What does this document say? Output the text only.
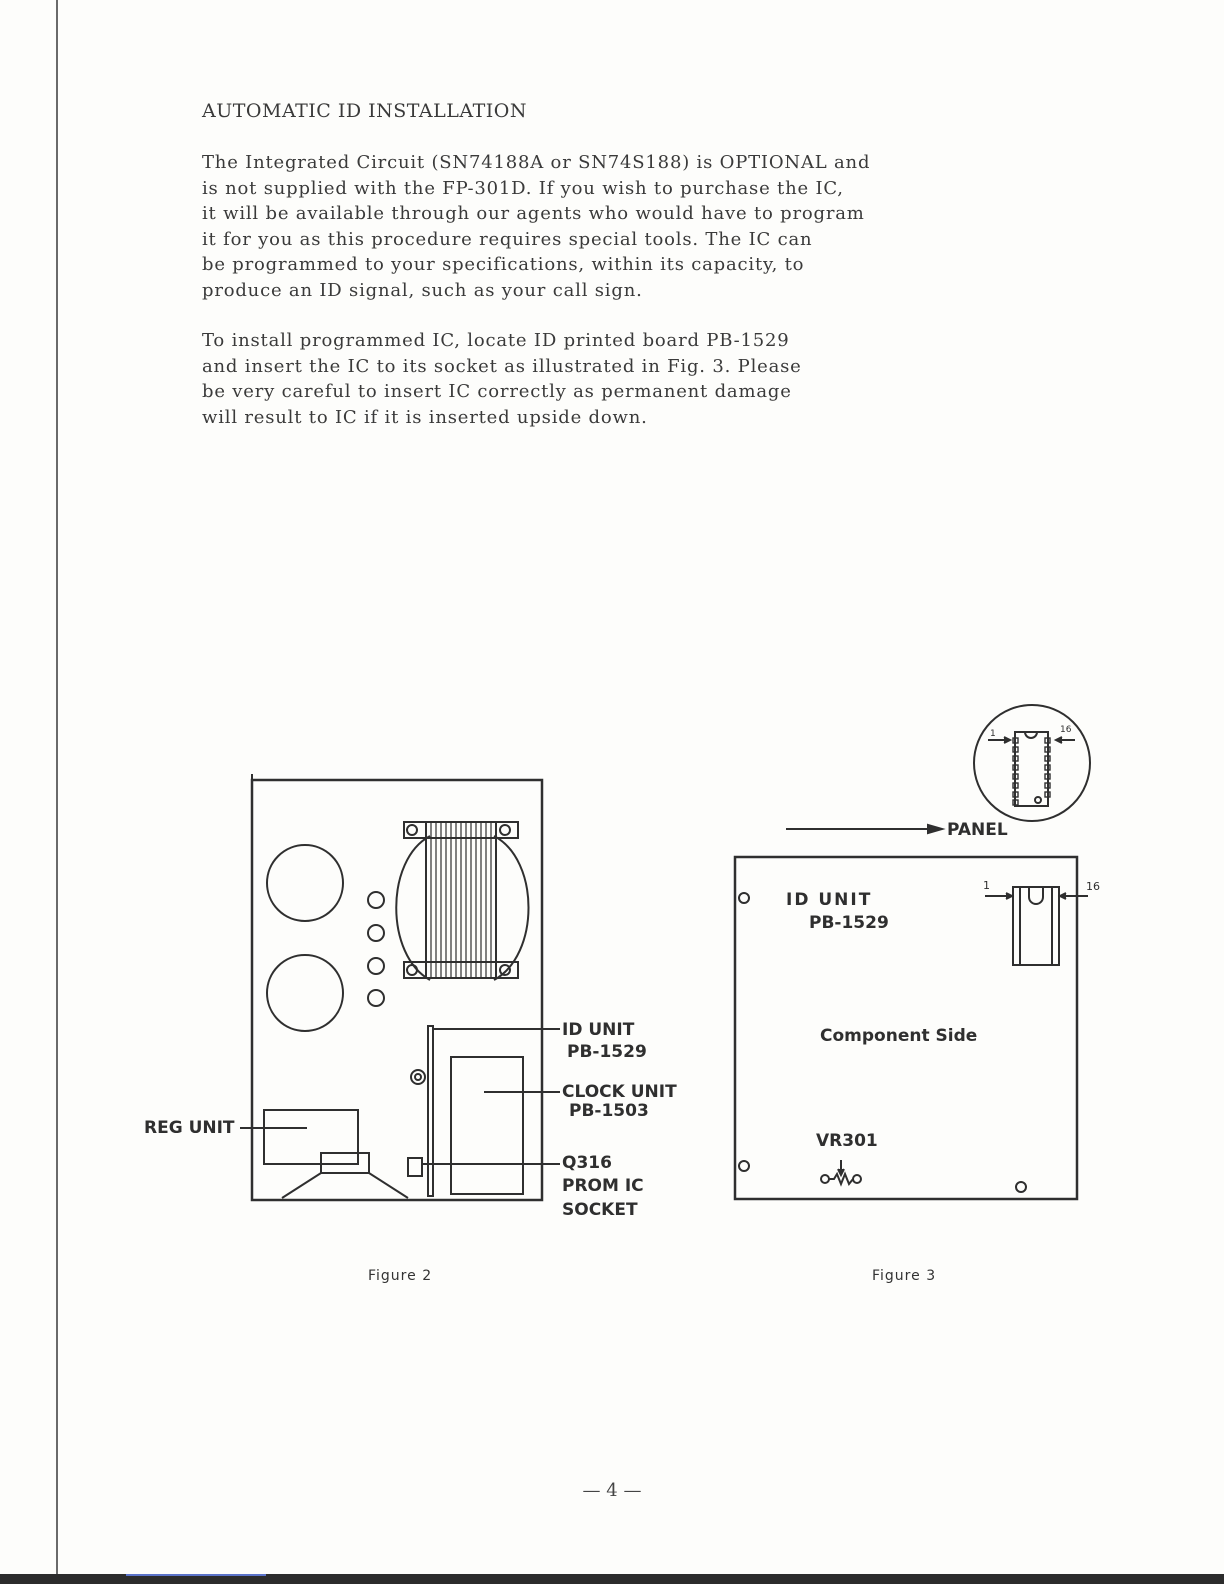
AUTOMATIC ID INSTALLATION

The Integrated Circuit (SN74188A or SN74S188) is OPTIONAL and
is not supplied with the FP-301D. If you wish to purchase the IC,
it will be available through our agents who would have to program
it for you as this procedure requires special tools. The IC can
be programmed to your specifications, within its capacity, to
produce an ID signal, such as your call sign.

To install programmed IC, locate ID printed board PB-1529
and insert the IC to its socket as illustrated in Fig. 3. Please
be very careful to insert IC correctly as permanent damage
will result to IC if it is inserted upside down.

ID UNIT
PB-1529
CLOCK UNIT
PB-1503
Q316
PROM IC
SOCKET
REG UNIT
Figure 2
1	16
PANEL
ID UNIT
PB-1529
1	16
Component Side
VR301
Figure 3
— 4 —
